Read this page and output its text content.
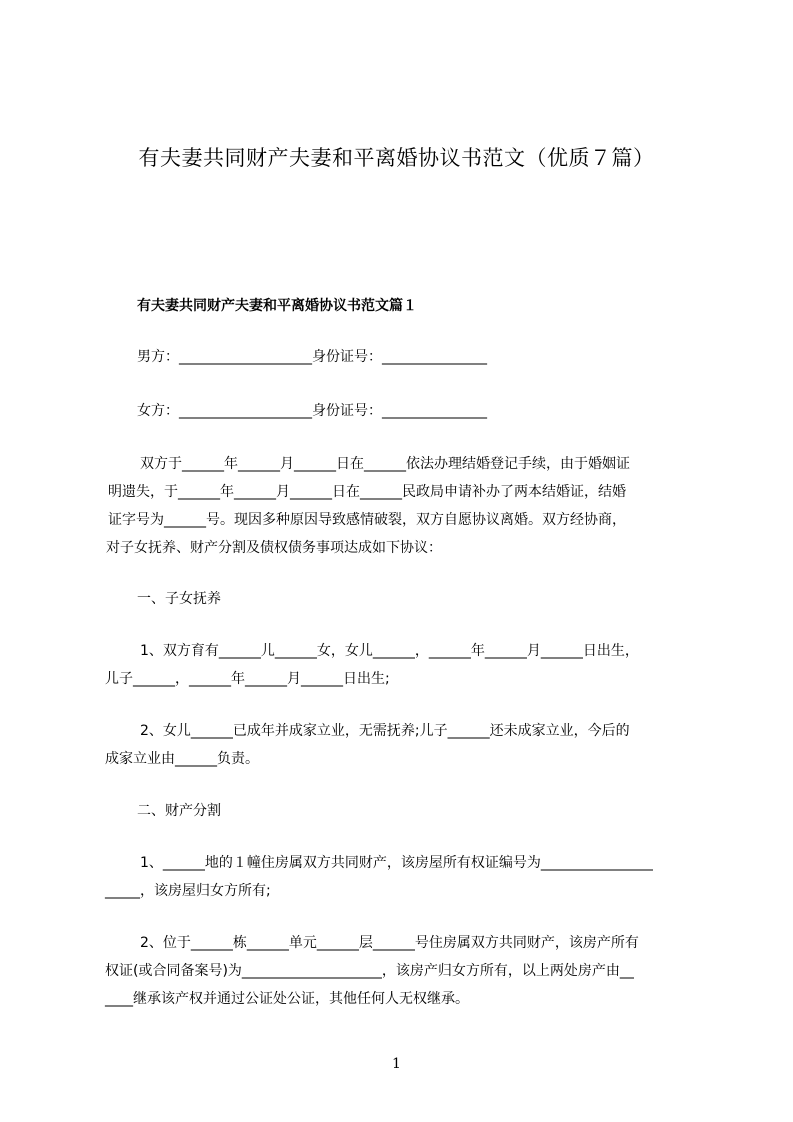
有夫妻共同财产夫妻和平离婚协议书范文（优质７篇）
有夫妻共同财产夫妻和平离婚协议书范文篇１
男方：___________________身份证号：_______________
女方：___________________身份证号：_______________
双方于______年______月______日在______依法办理结婚登记手续，由于婚姻证
明遗失，于______年______月______日在______民政局申请补办了两本结婚证，结婚
证字号为______号。现因多种原因导致感情破裂，双方自愿协议离婚。双方经协商，
对子女抚养、财产分割及债权债务事项达成如下协议：
一、子女抚养
1、双方育有______儿______女，女儿______，______年______月______日出生，
儿子______，______年______月______日出生;
2、女儿______已成年并成家立业，无需抚养;儿子______还未成家立业，今后的
成家立业由______负责。
二、财产分割
1、______地的１幢住房属双方共同财产，该房屋所有权证编号为________________
_____，该房屋归女方所有;
2、位于______栋______单元______层______号住房属双方共同财产，该房产所有
权证(或合同备案号)为____________________，该房产归女方所有，以上两处房产由__
____继承该产权并通过公证处公证，其他任何人无权继承。
1
